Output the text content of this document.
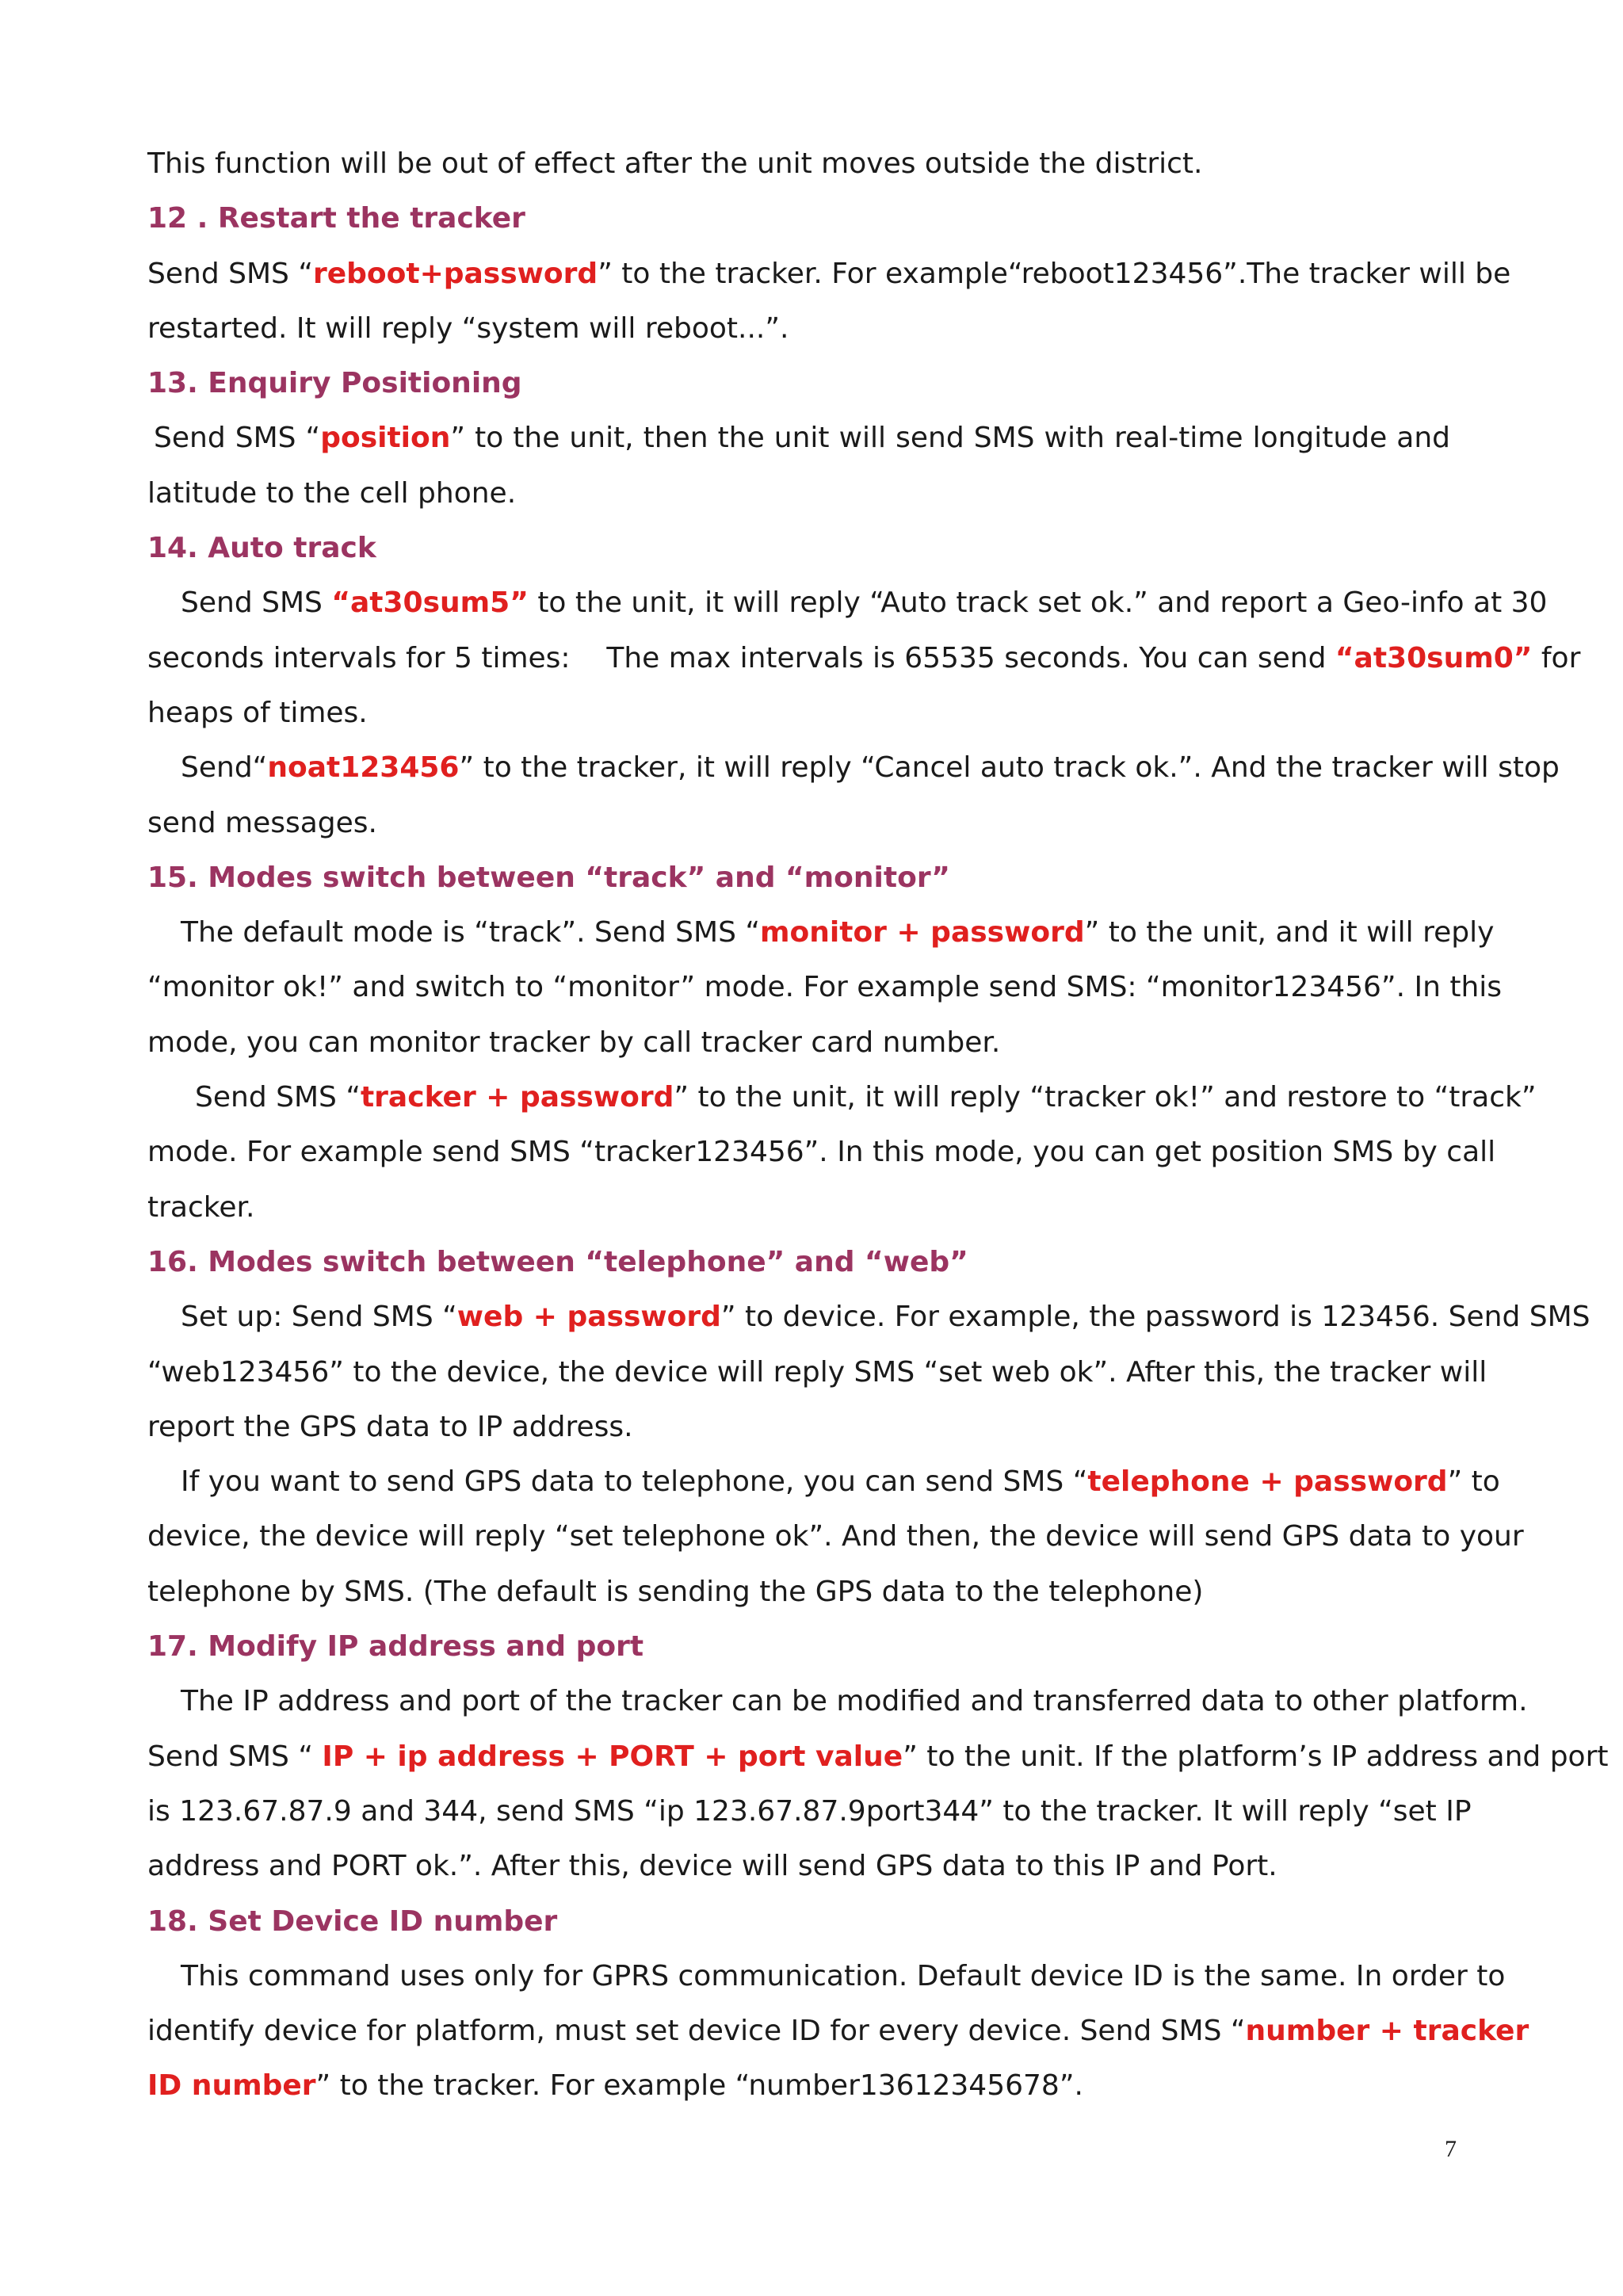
This function will be out of effect after the unit moves outside the district.
12 . Restart the tracker
Send SMS “reboot+password” to the tracker. For example“reboot123456”.The tracker will be
restarted. It will reply “system will reboot...”.
13. Enquiry Positioning
Send SMS “position” to the unit, then the unit will send SMS with real-time longitude and
latitude to the cell phone.
14. Auto track
Send SMS “at30sum5” to the unit, it will reply “Auto track set ok.” and report a Geo-info at 30
seconds intervals for 5 times:    The max intervals is 65535 seconds. You can send “at30sum0” for
heaps of times.
Send“noat123456” to the tracker, it will reply “Cancel auto track ok.”. And the tracker will stop
send messages.
15. Modes switch between “track” and “monitor”
The default mode is “track”. Send SMS “monitor + password” to the unit, and it will reply
“monitor ok!” and switch to “monitor” mode. For example send SMS: “monitor123456”. In this
mode, you can monitor tracker by call tracker card number.
Send SMS “tracker + password” to the unit, it will reply “tracker ok!” and restore to “track”
mode. For example send SMS “tracker123456”. In this mode, you can get position SMS by call
tracker.
16. Modes switch between “telephone” and “web”
Set up: Send SMS “web + password” to device. For example, the password is 123456. Send SMS
“web123456” to the device, the device will reply SMS “set web ok”. After this, the tracker will
report the GPS data to IP address.
If you want to send GPS data to telephone, you can send SMS “telephone + password” to
device, the device will reply “set telephone ok”. And then, the device will send GPS data to your
telephone by SMS. (The default is sending the GPS data to the telephone)
17. Modify IP address and port
The IP address and port of the tracker can be modified and transferred data to other platform.
Send SMS “ IP + ip address + PORT + port value” to the unit. If the platform’s IP address and port
is 123.67.87.9 and 344, send SMS “ip 123.67.87.9port344” to the tracker. It will reply “set IP
address and PORT ok.”. After this, device will send GPS data to this IP and Port.
18. Set Device ID number
This command uses only for GPRS communication. Default device ID is the same. In order to
identify device for platform, must set device ID for every device. Send SMS “number + tracker
ID number” to the tracker. For example “number13612345678”.
7
